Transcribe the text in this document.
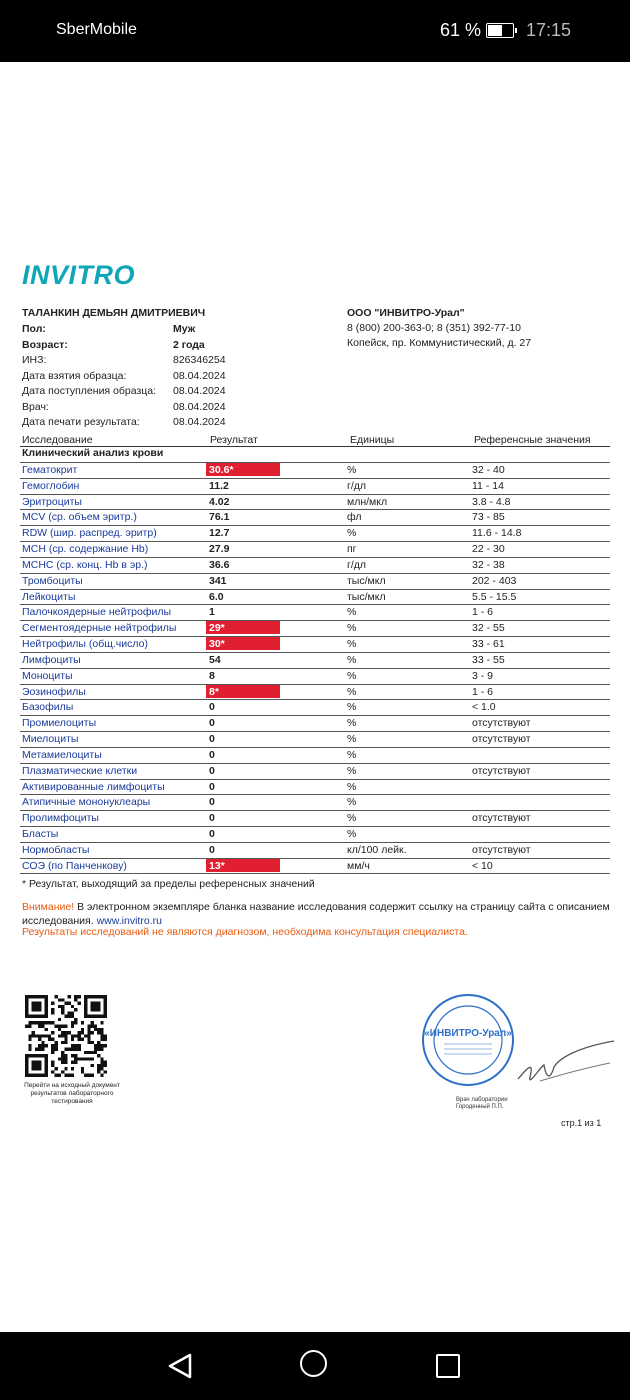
SberMobile	61 % 17:15
INVITRO
ТАЛАНКИН ДЕМЬЯН ДМИТРИЕВИЧ
Пол:	Муж
Возраст:	2 года
ИНЗ:	826346254
Дата взятия образца:	08.04.2024
Дата поступления образца: 08.04.2024
Врач:	08.04.2024
Дата печати результата:	08.04.2024
ООО "ИНВИТРО-Урал"
8 (800) 200-363-0; 8 (351) 392-77-10
Копейск, пр. Коммунистический, д. 27
Исследование	Результат	Единицы	Референсные значения
Клинический анализ крови
Гематокрит	30.6*	%	32 - 40
Гемоглобин	11.2	г/дл	11 - 14
Эритроциты	4.02	млн/мкл	3.8 - 4.8
MCV (ср. объем эритр.)	76.1	фл	73 - 85
RDW (шир. распред. эритр)	12.7	%	11.6 - 14.8
MCH (ср. содержание Hb)	27.9	пг	22 - 30
MCHC (ср. конц. Hb в эр.)	36.6	г/дл	32 - 38
Тромбоциты	341	тыс/мкл	202 - 403
Лейкоциты	6.0	тыс/мкл	5.5 - 15.5
Палочкоядерные нейтрофилы	1	%	1 - 6
Сегментоядерные нейтрофилы	29*	%	32 - 55
Нейтрофилы (общ.число)	30*	%	33 - 61
Лимфоциты	54	%	33 - 55
Моноциты	8	%	3 - 9
Эозинофилы	8*	%	1 - 6
Базофилы	0	%	< 1.0
Промиелоциты	0	%	отсутствуют
Миелоциты	0	%	отсутствуют
Метамиелоциты	0	%
Плазматические клетки	0	%	отсутствуют
Активированные лимфоциты	0	%
Атипичные мононуклеары	0	%
Пролимфоциты	0	%	отсутствуют
Бласты	0	%
Нормобласты	0	кл/100 лейк.	отсутствуют
СОЭ (по Панченкову)	13*	мм/ч	< 10
* Результат, выходящий за пределы референсных значений
Внимание! В электронном экземпляре бланка название исследования содержит ссылку на страницу сайта с описанием исследования. www.invitro.ru
Результаты исследований не являются диагнозом, необходима консультация специалиста.
Перейти на исходный документ результатов лабораторного тестирования
«ИНВИТРО-Урал»
Врач лаборатории
Городенный П.П.
стр.1 из 1
